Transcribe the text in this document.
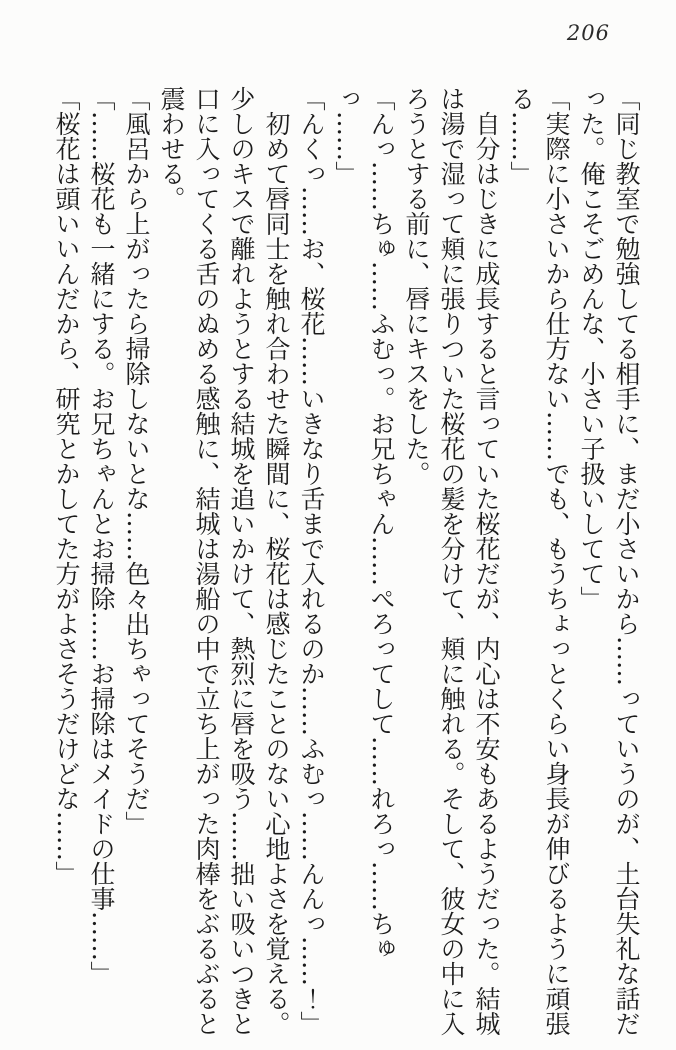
206

「同じ教室で勉強してる相手に、まだ小さいから……っていうのが、土台失礼な話だった。俺こそごめんな、小さい子扱いしてて」

「実際に小さいから仕方ない……でも、もうちょっとくらい身長が伸びるように頑張る……」

自分はじきに成長すると言っていた桜花だが、内心は不安もあるようだった。結城は湯で湿って頬に張りついた桜花の髪を分けて、頬に触れる。そして、彼女の中に入ろうとする前に、唇にキスをした。

「んっ……ちゅ……ふむっ。お兄ちゃん……ぺろってして……れろっ……ちゅっ……」

「んくっ……お、桜花……いきなり舌まで入れるのか……ふむっ……んんっ……！」

初めて唇同士を触れ合わせた瞬間に、桜花は感じたことのない心地よさを覚える。少しのキスで離れようとする結城を追いかけて、熱烈に唇を吸う……拙い吸いつきと口に入ってくる舌のぬめる感触に、結城は湯船の中で立ち上がった肉棒をぶるぶると震わせる。

「風呂から上がったら掃除しないとな……色々出ちゃってそうだ」

「……桜花も一緒にする。お兄ちゃんとお掃除……お掃除はメイドの仕事……」

「桜花は頭いいんだから、研究とかしてた方がよさそうだけどな……」
